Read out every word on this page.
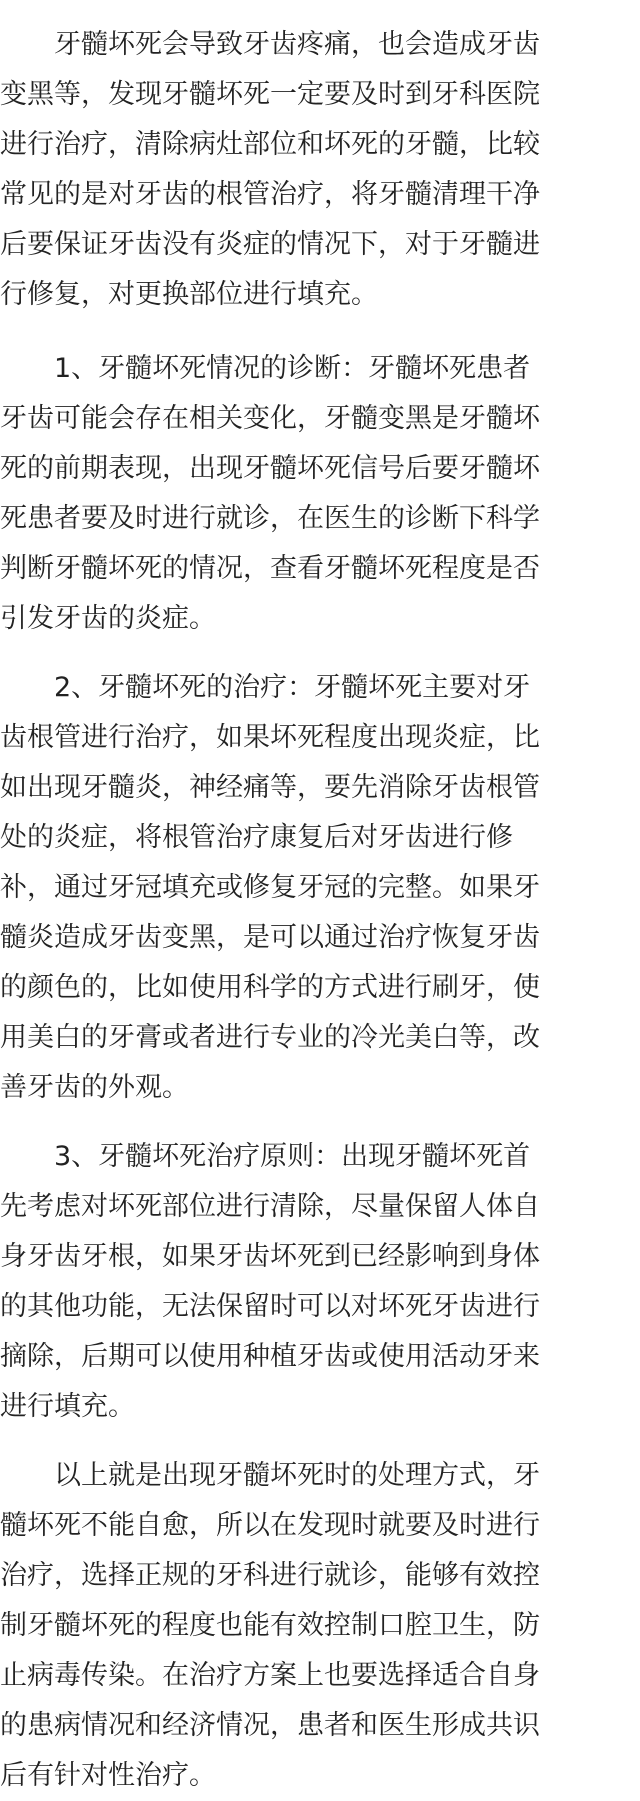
牙髓坏死会导致牙齿疼痛，也会造成牙齿变黑等，发现牙髓坏死一定要及时到牙科医院进行治疗，清除病灶部位和坏死的牙髓，比较常见的是对牙齿的根管治疗，将牙髓清理干净后要保证牙齿没有炎症的情况下，对于牙髓进行修复，对更换部位进行填充。

1、牙髓坏死情况的诊断：牙髓坏死患者牙齿可能会存在相关变化，牙髓变黑是牙髓坏死的前期表现，出现牙髓坏死信号后要牙髓坏死患者要及时进行就诊，在医生的诊断下科学判断牙髓坏死的情况，查看牙髓坏死程度是否引发牙齿的炎症。

2、牙髓坏死的治疗：牙髓坏死主要对牙齿根管进行治疗，如果坏死程度出现炎症，比如出现牙髓炎，神经痛等，要先消除牙齿根管处的炎症，将根管治疗康复后对牙齿进行修补，通过牙冠填充或修复牙冠的完整。如果牙髓炎造成牙齿变黑，是可以通过治疗恢复牙齿的颜色的，比如使用科学的方式进行刷牙，使用美白的牙膏或者进行专业的冷光美白等，改善牙齿的外观。

3、牙髓坏死治疗原则：出现牙髓坏死首先考虑对坏死部位进行清除，尽量保留人体自身牙齿牙根，如果牙齿坏死到已经影响到身体的其他功能，无法保留时可以对坏死牙齿进行摘除，后期可以使用种植牙齿或使用活动牙来进行填充。

以上就是出现牙髓坏死时的处理方式，牙髓坏死不能自愈，所以在发现时就要及时进行治疗，选择正规的牙科进行就诊，能够有效控制牙髓坏死的程度也能有效控制口腔卫生，防止病毒传染。在治疗方案上也要选择适合自身的患病情况和经济情况，患者和医生形成共识后有针对性治疗。
